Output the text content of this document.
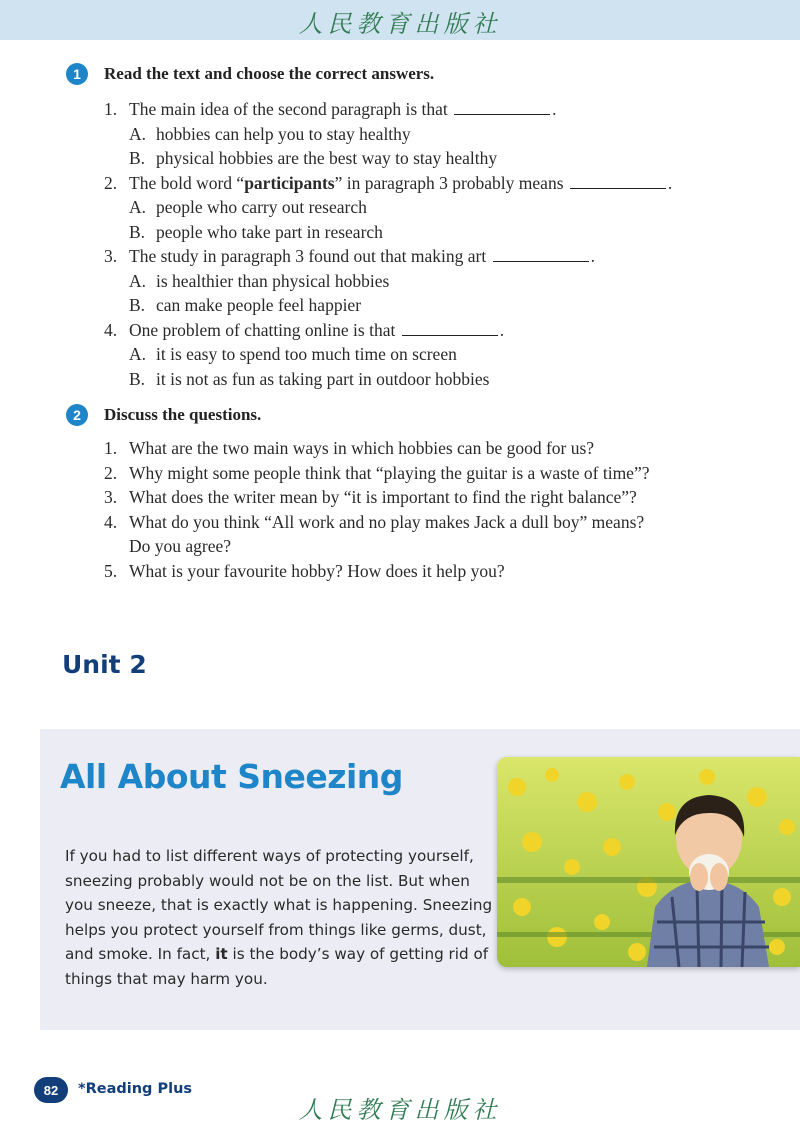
人民教育出版社
1	Read the text and choose the correct answers.
1. The main idea of the second paragraph is that	.
A. hobbies can help you to stay healthy
B. physical hobbies are the best way to stay healthy
2. The bold word “participants” in paragraph 3 probably means	.
A. people who carry out research
B. people who take part in research
3. The study in paragraph 3 found out that making art	.
A. is healthier than physical hobbies
B. can make people feel happier
4. One problem of chatting online is that	.
A. it is easy to spend too much time on screen
B. it is not as fun as taking part in outdoor hobbies
2	Discuss the questions.
1. What are the two main ways in which hobbies can be good for us?
2. Why might some people think that “playing the guitar is a waste of time”?
3. What does the writer mean by “it is important to find the right balance”?
4. What do you think “All work and no play makes Jack a dull boy” means?
Do you agree?
5. What is your favourite hobby? How does it help you?
Unit 2
All About Sneezing
If you had to list different ways of protecting yourself,
sneezing probably would not be on the list. But when
you sneeze, that is exactly what is happening. Sneezing
helps you protect yourself from things like germs, dust,
and smoke. In fact, it is the body’s way of getting rid of
things that may harm you.
82	*Reading Plus
人民教育出版社
